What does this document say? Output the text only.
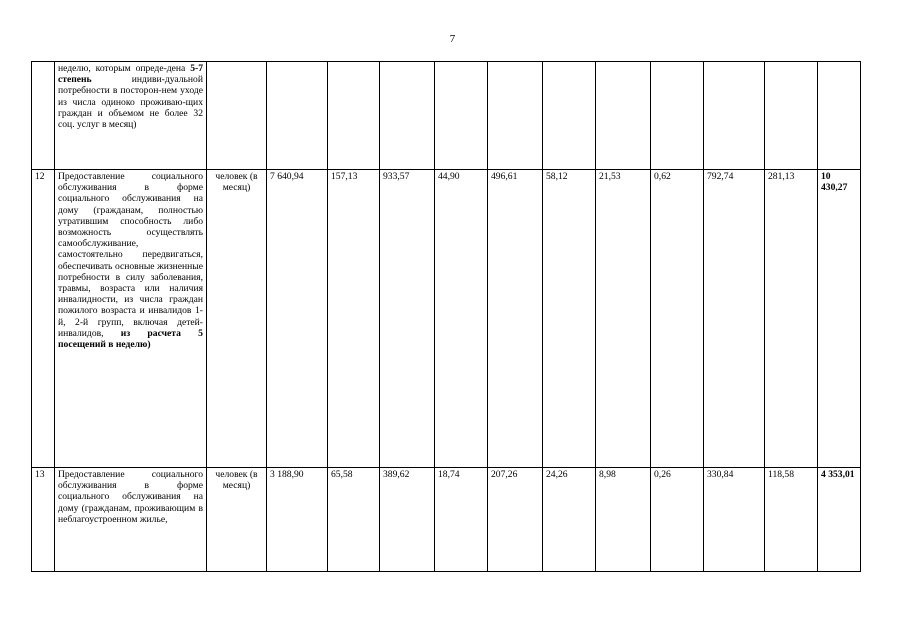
7
	неделю, которым опреде-дена 5-7 степень индиви-дуальной потребности в посторон-нем уходе из числа одиноко проживаю-щих граждан и объемом не более 32 соц. услуг в месяц)												
12	Предоставление социального обслуживания в форме социального обслуживания на дому (гражданам, полностью утратившим способность либо возможность осуществлять самообслуживание, самостоятельно передвигаться, обеспечивать основные жизненные потребности в силу заболевания, травмы, возраста или наличия инвалидности, из числа граждан пожилого возраста и инвалидов 1-й, 2-й групп, включая детей-инвалидов, из расчета 5 посещений в неделю)	человек (в месяц)	7 640,94	157,13	933,57	44,90	496,61	58,12	21,53	0,62	792,74	281,13	10 430,27
13	Предоставление социального обслуживания в форме социального обслуживания на дому (гражданам, проживающим в неблагоустроенном жилье,	человек (в месяц)	3 188,90	65,58	389,62	18,74	207,26	24,26	8,98	0,26	330,84	118,58	4 353,01
